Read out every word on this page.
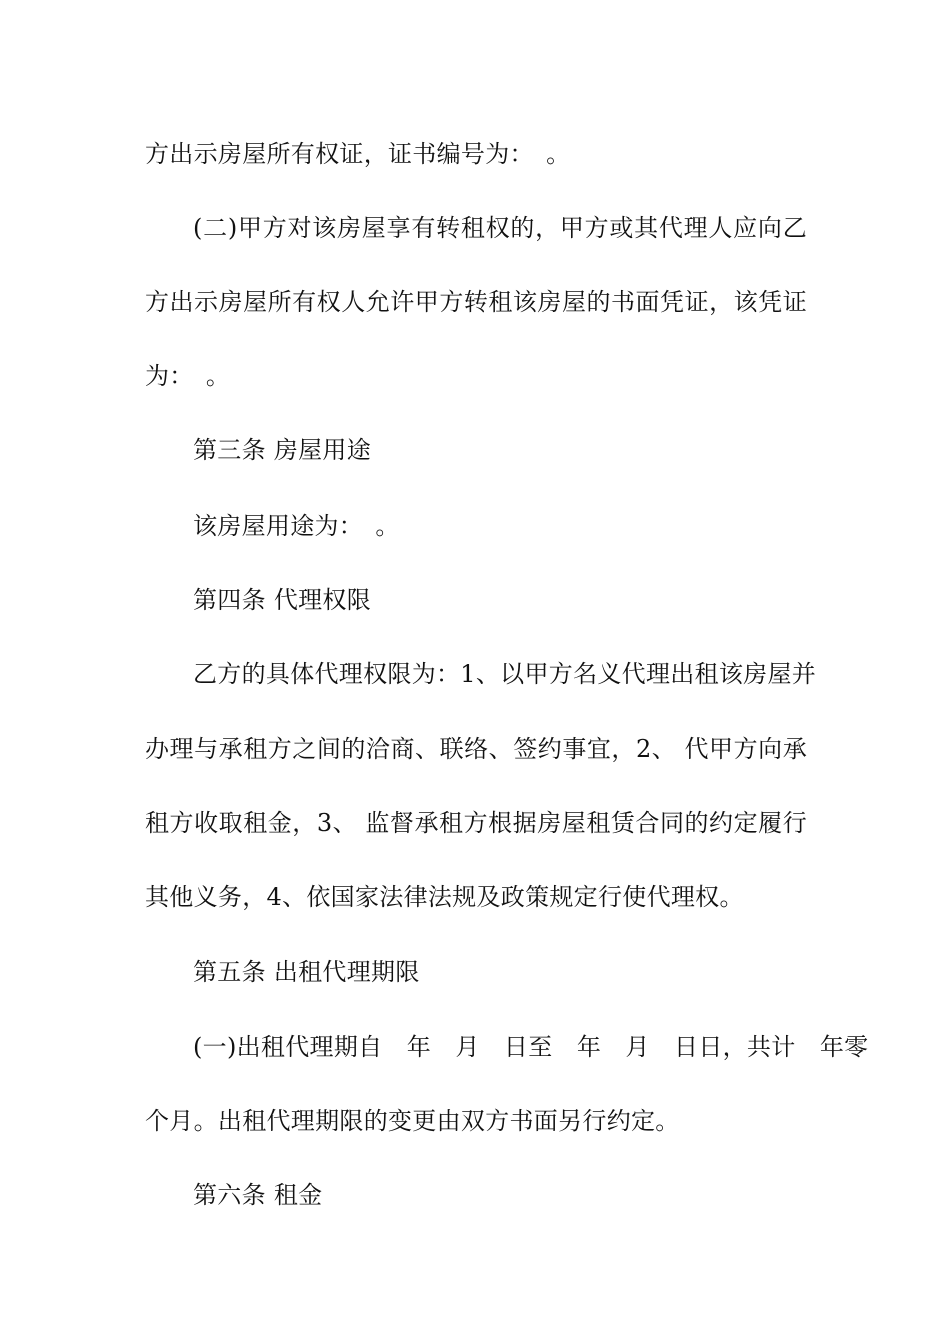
方出示房屋所有权证，证书编号为：　。
(二)甲方对该房屋享有转租权的，甲方或其代理人应向乙
方出示房屋所有权人允许甲方转租该房屋的书面凭证，该凭证
为：　。
第三条 房屋用途
该房屋用途为：　。
第四条 代理权限
乙方的具体代理权限为：1、以甲方名义代理出租该房屋并
办理与承租方之间的洽商、联络、签约事宜，2、 代甲方向承
租方收取租金，3、 监督承租方根据房屋租赁合同的约定履行
其他义务，4、依国家法律法规及政策规定行使代理权。
第五条 出租代理期限
(一)出租代理期自　年　月　日至　年　月　日日，共计　年零
个月。出租代理期限的变更由双方书面另行约定。
第六条 租金
